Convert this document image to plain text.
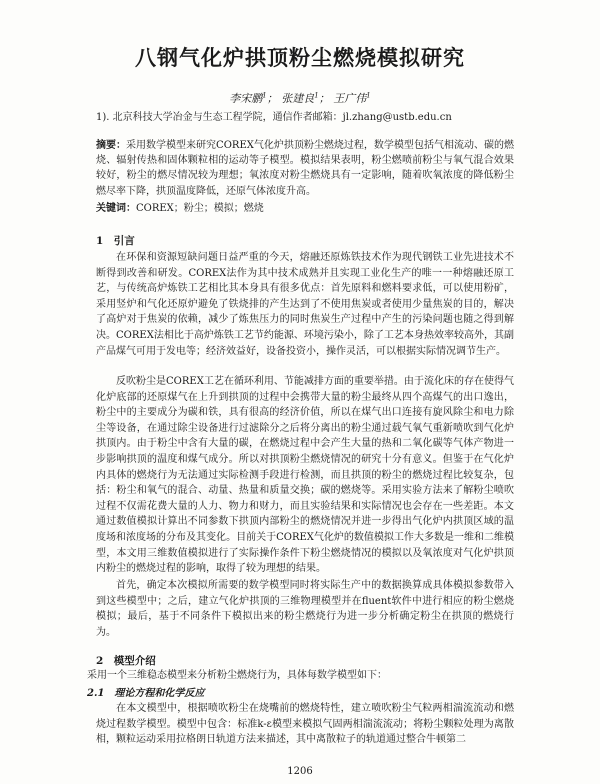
八钢气化炉拱顶粉尘燃烧模拟研究
李宋鹏$^1$； 张建良$^1$； 王广伟$^1$
1). 北京科技大学冶金与生态工程学院，通信作者邮箱：jl.zhang@ustb.edu.cn
摘要：采用数学模型来研究COREX气化炉拱顶粉尘燃烧过程，数学模型包括气相流动、碳的燃烧、辐射传热和固体颗粒相的运动等子模型。模拟结果表明，粉尘燃喷前粉尘与氧气混合效果较好，粉尘的燃尽情况较为理想；氧浓度对粉尘燃烧具有一定影响，随着吹氧浓度的降低粉尘燃尽率下降，拱顶温度降低，还原气体浓度升高。
关键词：COREX；粉尘；模拟；燃烧
1　引言

在环保和资源短缺问题日益严重的今天，熔融还原炼铁技术作为现代钢铁工业先进技术不断得到改善和研发。COREX法作为其中技术成熟并且实现工业化生产的唯一一种熔融还原工艺，与传统高炉炼铁工艺相比其本身具有很多优点：首先原料和燃料要求低，可以使用粉矿，采用竖炉和气化还原炉避免了铁烧排的产生达到了不使用焦炭或者使用少量焦炭的目的，解决了高炉对于焦炭的依赖，减少了炼焦压力的同时焦炭生产过程中产生的污染问题也随之得到解决。COREX法相比于高炉炼铁工艺节约能源、环境污染小，除了工艺本身热效率较高外，其副产品煤气可用于发电等；经济效益好，设备投资小，操作灵活，可以根据实际情况调节生产。

反吹粉尘是COREX工艺在循环利用、节能减排方面的重要举措。由于流化床的存在使得气化炉底部的还原煤气在上升到拱顶的过程中会携带大量的粉尘最终从四个高煤气的出口逸出，粉尘中的主要成分为碳和铁，具有很高的经济价值，所以在煤气出口连接有旋风除尘和电力除尘等设备，在通过除尘设备进行过滤除分之后将分离出的粉尘通过载气氧气重新喷吹到气化炉拱顶内。由于粉尘中含有大量的碳，在燃烧过程中会产生大量的热和二氧化碳等气体产物进一步影响拱顶的温度和煤气成分。所以对拱顶粉尘燃烧情况的研究十分有意义。但鉴于在气化炉内具体的燃烧行为无法通过实际检测手段进行检测，而且拱顶的粉尘的燃烧过程比较复杂，包括：粉尘和氧气的混合、动量、热量和质量交换；碳的燃烧等。采用实验方法来了解粉尘喷吹过程不仅需花费大量的人力、物力和财力，而且实验结果和实际情况也会存在一些差距。本文通过数值模拟计算出不同参数下拱顶内部粉尘的燃烧情况并进一步得出气化炉内拱顶区域的温度场和浓度场的分布及其变化。目前关于COREX气化炉的数值模拟工作大多数是一维和二维模型，本文用三维数值模拟进行了实际操作条件下粉尘燃烧情况的模拟以及氧浓度对气化炉拱顶内粉尘的燃烧过程的影响，取得了较为理想的结果。

首先，确定本次模拟所需要的数学模型同时将实际生产中的数据换算成具体模拟参数带入到这些模型中；之后，建立气化炉拱顶的三维物理模型并在fluent软件中进行相应的粉尘燃烧模拟；最后，基于不同条件下模拟出来的粉尘燃烧行为进一步分析确定粉尘在拱顶的燃烧行为。

2　模型介绍
采用一个三维稳态模型来分析粉尘燃烧行为，具体每数学模型如下：
2.1　理论方程和化学反应

在本文模型中，根据喷吹粉尘在烧嘴前的燃烧特性，建立喷吹粉尘气粒两相湍流流动和燃烧过程数学模型。模型中包含：标准k-ε模型来模拟气固两相湍流流动；将粉尘颗粒处理为离散相，颗粒运动采用拉格朗日轨道方法来描述，其中离散粒子的轨道通过整合牛顿第二

1206
